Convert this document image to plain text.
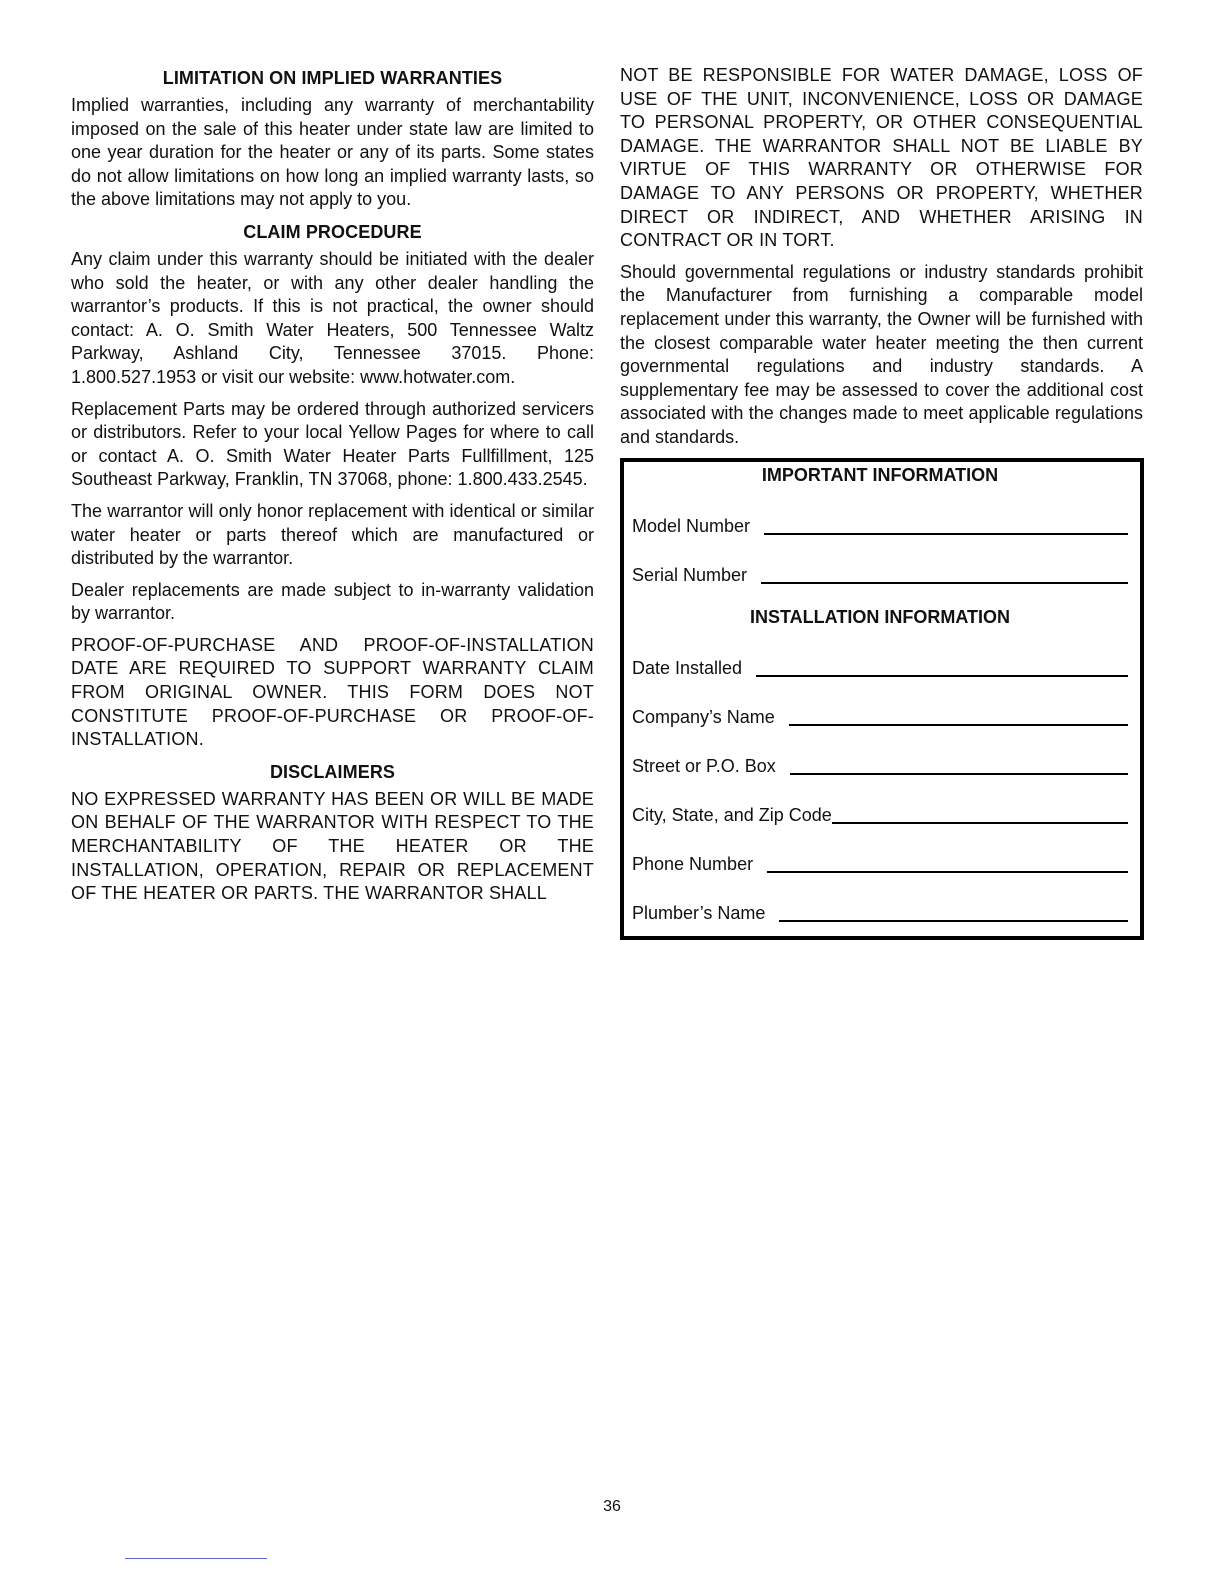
LIMITATION ON IMPLIED WARRANTIES

Implied warranties, including any warranty of merchantability imposed on the sale of this heater under state law are limited to one year duration for the heater or any of its parts. Some states do not allow limitations on how long an implied warranty lasts, so the above limitations may not apply to you.

CLAIM PROCEDURE

Any claim under this warranty should be initiated with the dealer who sold the heater, or with any other dealer handling the warrantor’s products. If this is not practical, the owner should contact: A. O. Smith Water Heaters, 500 Tennessee Waltz Parkway, Ashland City, Tennessee 37015. Phone: 1.800.527.1953 or visit our website: www.hotwater.com.

Replacement Parts may be ordered through authorized servicers or distributors. Refer to your local Yellow Pages for where to call or contact A. O. Smith Water Heater Parts Fullfillment, 125 Southeast Parkway, Franklin, TN 37068, phone: 1.800.433.2545.

The warrantor will only honor replacement with identical or similar water heater or parts thereof which are manufactured or distributed by the warrantor.

Dealer replacements are made subject to in-warranty validation by warrantor.

PROOF-OF-PURCHASE AND PROOF-OF-INSTALLATION DATE ARE REQUIRED TO SUPPORT WARRANTY CLAIM FROM ORIGINAL OWNER. THIS FORM DOES NOT CONSTITUTE PROOF-OF-PURCHASE OR PROOF-OF-INSTALLATION.

DISCLAIMERS

NO EXPRESSED WARRANTY HAS BEEN OR WILL BE MADE ON BEHALF OF THE WARRANTOR WITH RESPECT TO THE MERCHANTABILITY OF THE HEATER OR THE INSTALLATION, OPERATION, REPAIR OR REPLACEMENT OF THE HEATER OR PARTS. THE WARRANTOR SHALL

NOT BE RESPONSIBLE FOR WATER DAMAGE, LOSS OF USE OF THE UNIT, INCONVENIENCE, LOSS OR DAMAGE TO PERSONAL PROPERTY, OR OTHER CONSEQUENTIAL DAMAGE. THE WARRANTOR SHALL NOT BE LIABLE BY VIRTUE OF THIS WARRANTY OR OTHERWISE FOR DAMAGE TO ANY PERSONS OR PROPERTY, WHETHER DIRECT OR INDIRECT, AND WHETHER ARISING IN CONTRACT OR IN TORT.

Should governmental regulations or industry standards prohibit the Manufacturer from furnishing a comparable model replacement under this warranty, the Owner will be furnished with the closest comparable water heater meeting the then current governmental regulations and industry standards. A supplementary fee may be assessed to cover the additional cost associated with the changes made to meet applicable regulations and standards.

IMPORTANT INFORMATION
Model Number
Serial Number
INSTALLATION INFORMATION
Date Installed
Company’s Name
Street or P.O. Box
City, State, and Zip Code
Phone Number
Plumber’s Name
36
